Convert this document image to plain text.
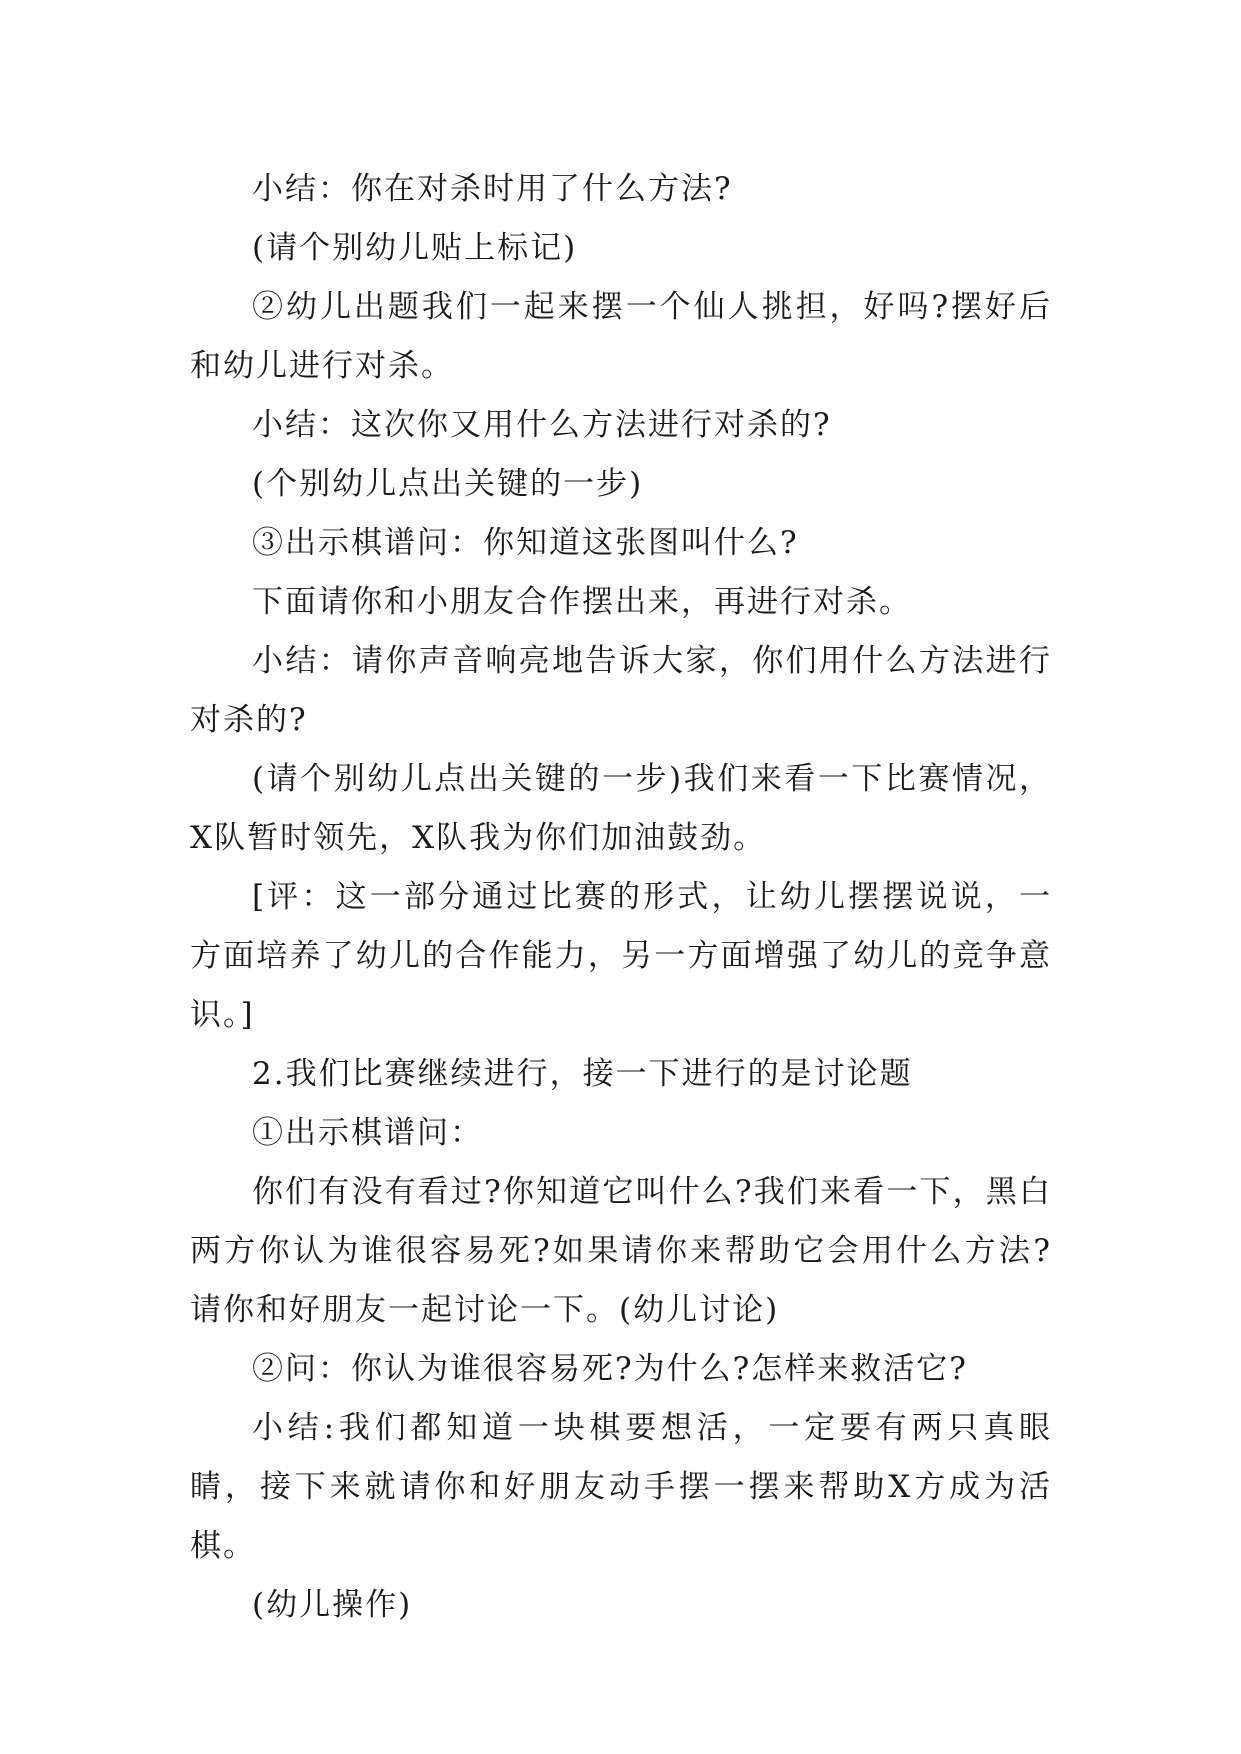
小结：你在对杀时用了什么方法?

(请个别幼儿贴上标记)

②幼儿出题我们一起来摆一个仙人挑担，好吗?摆好后和幼儿进行对杀。

小结：这次你又用什么方法进行对杀的?

(个别幼儿点出关键的一步)

③出示棋谱问：你知道这张图叫什么?

下面请你和小朋友合作摆出来，再进行对杀。

小结：请你声音响亮地告诉大家，你们用什么方法进行对杀的?

(请个别幼儿点出关键的一步)我们来看一下比赛情况，X队暂时领先，X队我为你们加油鼓劲。

[评：这一部分通过比赛的形式，让幼儿摆摆说说，一方面培养了幼儿的合作能力，另一方面增强了幼儿的竞争意识。]

2.我们比赛继续进行，接一下进行的是讨论题

①出示棋谱问：

你们有没有看过?你知道它叫什么?我们来看一下，黑白两方你认为谁很容易死?如果请你来帮助它会用什么方法?请你和好朋友一起讨论一下。(幼儿讨论)

②问：你认为谁很容易死?为什么?怎样来救活它?

小结:我们都知道一块棋要想活，一定要有两只真眼睛，接下来就请你和好朋友动手摆一摆来帮助X方成为活棋。

(幼儿操作)
